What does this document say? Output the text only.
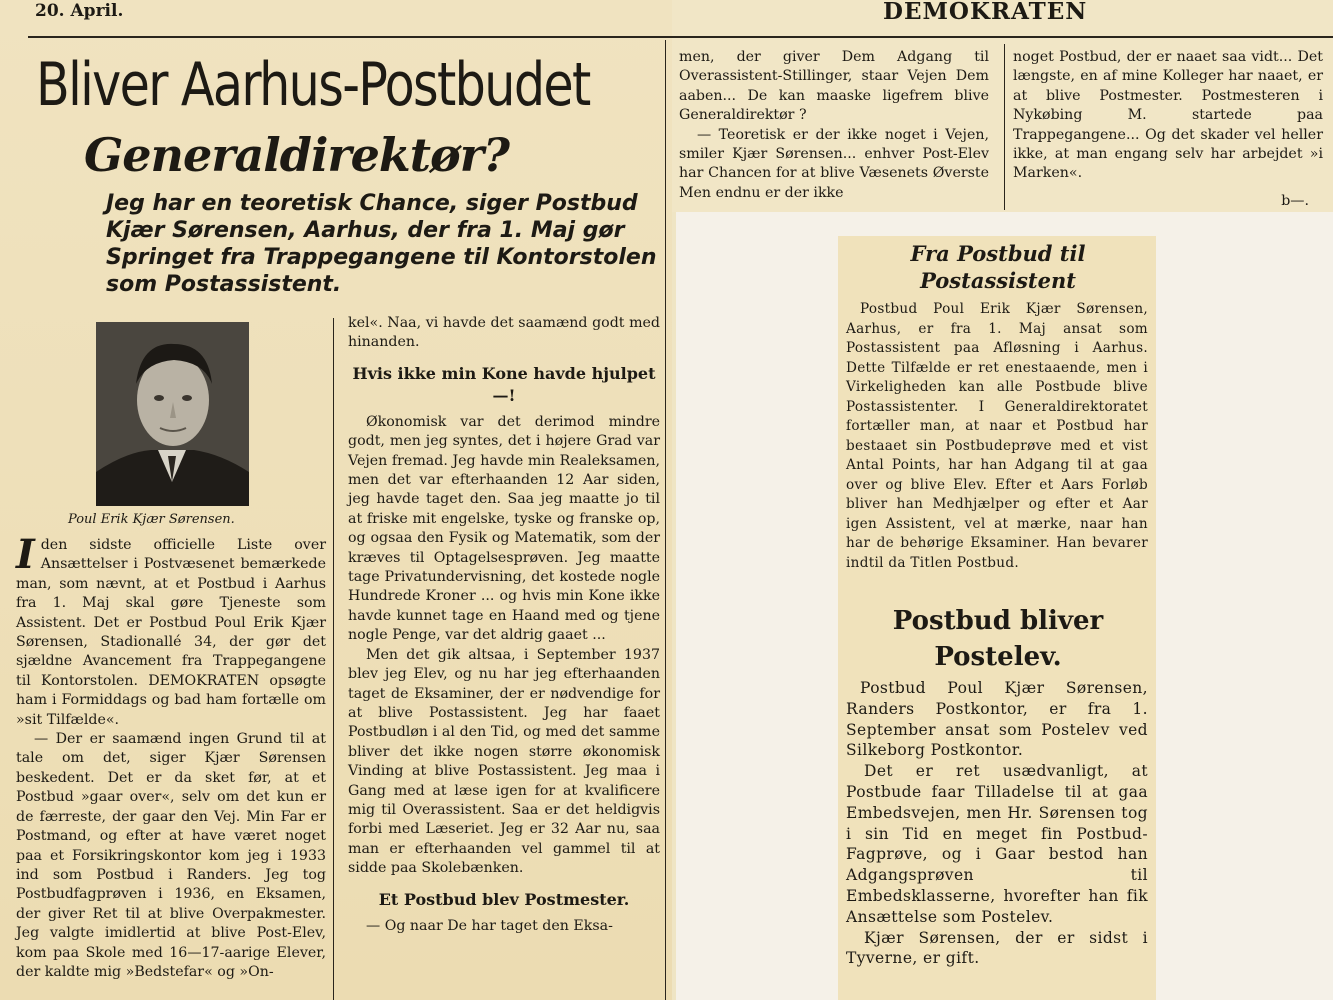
20. April.	DEMOKRATEN
Bliver Aarhus-Postbudet
Generaldirektør?
Jeg har en teoretisk Chance, siger Postbud Kjær Sørensen, Aarhus, der fra 1. Maj gør Springet fra Trappegangene til Kontorstolen som Postassistent.
Poul Erik Kjær Sørensen.

Iden sidste officielle Liste over Ansættelser i Postvæsenet bemærkede man, som nævnt, at et Postbud i Aarhus fra 1. Maj skal gøre Tjeneste som Assistent. Det er Postbud Poul Erik Kjær Sørensen, Stadionallé 34, der gør det sjældne Avancement fra Trappegangene til Kontorstolen. DEMOKRATEN opsøgte ham i Formiddags og bad ham fortælle om »sit Tilfælde«.

— Der er saamænd ingen Grund til at tale om det, siger Kjær Sørensen beskedent. Det er da sket før, at et Postbud »gaar over«, selv om det kun er de færreste, der gaar den Vej. Min Far er Postmand, og efter at have været noget paa et Forsikringskontor kom jeg i 1933 ind som Postbud i Randers. Jeg tog Postbudfagprøven i 1936, en Eksamen, der giver Ret til at blive Overpakmester. Jeg valgte imidlertid at blive Post-Elev, kom paa Skole med 16—17-aarige Elever, der kaldte mig »Bedstefar« og »On-

kel«. Naa, vi havde det saamænd godt med hinanden.

Hvis ikke min Kone havde hjulpet —!

Økonomisk var det derimod mindre godt, men jeg syntes, det i højere Grad var Vejen fremad. Jeg havde min Realeksamen, men det var efterhaanden 12 Aar siden, jeg havde taget den. Saa jeg maatte jo til at friske mit engelske, tyske og franske op, og ogsaa den Fysik og Matematik, som der kræves til Optagelsesprøven. Jeg maatte tage Privatundervisning, det kostede nogle Hundrede Kroner ... og hvis min Kone ikke havde kunnet tage en Haand med og tjene nogle Penge, var det aldrig gaaet ...

Men det gik altsaa, i September 1937 blev jeg Elev, og nu har jeg efterhaanden taget de Eksaminer, der er nødvendige for at blive Postassistent. Jeg har faaet Postbudløn i al den Tid, og med det samme bliver det ikke nogen større økonomisk Vinding at blive Postassistent. Jeg maa i Gang med at læse igen for at kvalificere mig til Overassistent. Saa er det heldigvis forbi med Læseriet. Jeg er 32 Aar nu, saa man er efterhaanden vel gammel til at sidde paa Skolebænken.

Et Postbud blev Postmester.

— Og naar De har taget den Eksa-

men, der giver Dem Adgang til Overassistent-Stillinger, staar Vejen Dem aaben... De kan maaske ligefrem blive Generaldirektør ?

— Teoretisk er der ikke noget i Vejen, smiler Kjær Sørensen... enhver Post-Elev har Chancen for at blive Væsenets Øverste Men endnu er der ikke

noget Postbud, der er naaet saa vidt... Det længste, en af mine Kolleger har naaet, er at blive Postmester. Postmesteren i Nykøbing M. startede paa Trappegangene... Og det skader vel heller ikke, at man engang selv har arbejdet »i Marken«.

b—.
Fra Postbud til Postassistent

Postbud Poul Erik Kjær Sørensen, Aarhus, er fra 1. Maj ansat som Postassistent paa Afløsning i Aarhus. Dette Tilfælde er ret enestaaende, men i Virkeligheden kan alle Postbude blive Postassistenter. I Generaldirektoratet fortæller man, at naar et Postbud har bestaaet sin Postbudeprøve med et vist Antal Points, har han Adgang til at gaa over og blive Elev. Efter et Aars Forløb bliver han Medhjælper og efter et Aar igen Assistent, vel at mærke, naar han har de behørige Eksaminer. Han bevarer indtil da Titlen Postbud.

Postbud bliver Postelev.

Postbud Poul Kjær Sørensen, Randers Postkontor, er fra 1. September ansat som Postelev ved Silkeborg Postkontor.

Det er ret usædvanligt, at Postbude faar Tilladelse til at gaa Embedsvejen, men Hr. Sørensen tog i sin Tid en meget fin Postbud-Fagprøve, og i Gaar bestod han Adgangsprøven til Embedsklasserne, hvorefter han fik Ansættelse som Postelev.

Kjær Sørensen, der er sidst i Tyverne, er gift.
